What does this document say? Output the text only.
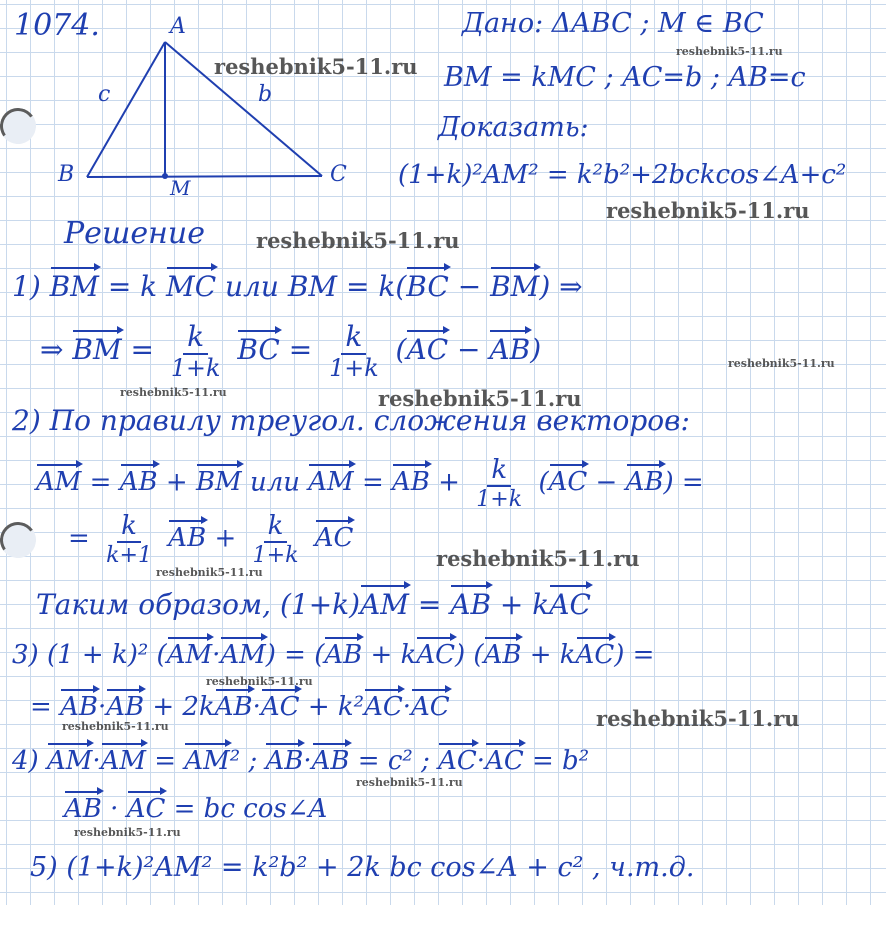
1074.	A
B	C
M
c	b
Дано: ΔABC ; M ∈ BC
BM = kMC ; AC=b ; AB=c
Доказать:
(1+k)²AM² = k²b²+2bckcos∠A+c²
Решение
1) BM = k MC или BM = k(BC − BM) ⇒
⇒ BM = $\frac{k}{1+k}$ BC = $\frac{k}{1+k} (AC - AB)$
2) По правилу треугол. сложения векторов:
AM = AB + BM или AM = AB + $\frac{k}{1+k} (AC - AB)$ =
= $\frac{k}{k+1}$ AB + $\frac{k}{1+k}$ AC
Таким образом, (1+k)AM = AB + kAC
3) (1 + k)² (AM·AM) = (AB + kAC) (AB + kAC) =
= AB·AB + 2kAB·AC + k²AC·AC
4) AM·AM = AM² ; AB·AB = c² ; AC·AC = b²
AB · AC = bc cos∠A
5) (1+k)²AM² = k²b² + 2k bc cos∠A + c² , ч.т.д.
reshebnik5-11.ru
reshebnik5-11.ru
reshebnik5-11.ru
reshebnik5-11.ru
reshebnik5-11.ru
reshebnik5-11.ru	reshebnik5-11.ru
reshebnik5-11.ru
reshebnik5-11.ru
reshebnik5-11.ru
reshebnik5-11.ru
reshebnik5-11.ru
reshebnik5-11.ru
reshebnik5-11.ru
